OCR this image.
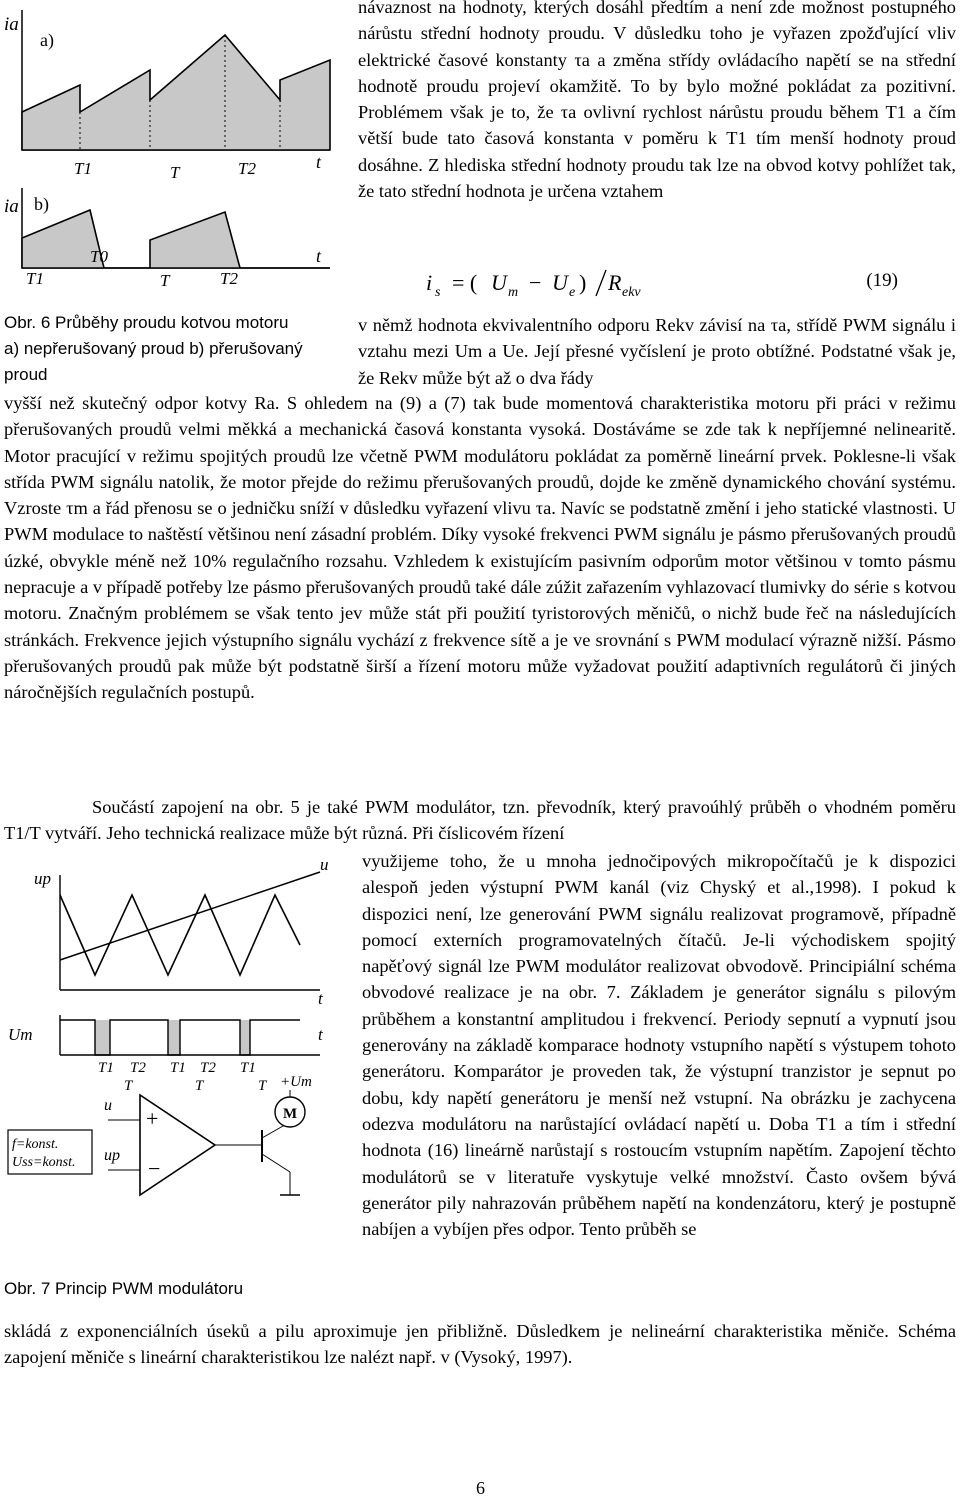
návaznost na hodnoty, kterých dosáhl předtím a není zde možnost postupného nárůstu střední hodnoty proudu. V důsledku toho je vyřazen zpožďující vliv elektrické časové konstanty τa a změna střídy ovládacího napětí se na střední hodnotě proudu projeví okamžitě. To by bylo možné pokládat za pozitivní. Problémem však je to, že τa ovlivní rychlost nárůstu proudu během T1 a čím větší bude tato časová konstanta v poměru k T1 tím menší hodnoty proud dosáhne. Z hlediska střední hodnoty proudu tak lze na obvod kotvy pohlížet tak, že tato střední hodnota je určena vztahem

i s = ( U m − U e ) R ekv
(19)

v němž hodnota ekvivalentního odporu Rekv závisí na τa, střídě PWM signálu i vztahu mezi Um a Ue. Její přesné vyčíslení je proto obtížné. Podstatné však je, že Rekv může být až o dva řády

ia
a)
t
T1	T	T2
ia b)
t
T0
T1	T	T2

Obr. 6 Průběhy proudu kotvou motoru a) nepřerušovaný proud b) přerušovaný proud

vyšší než skutečný odpor kotvy Ra. S ohledem na (9) a (7) tak bude momentová charakteristika motoru při práci v režimu přerušovaných proudů velmi měkká a mechanická časová konstanta vysoká. Dostáváme se zde tak k nepříjemné nelinearitě. Motor pracující v režimu spojitých proudů lze včetně PWM modulátoru pokládat za poměrně lineární prvek. Poklesne-li však střída PWM signálu natolik, že motor přejde do režimu přerušovaných proudů, dojde ke změně dynamického chování systému. Vzroste τm a řád přenosu se o jedničku sníží v důsledku vyřazení vlivu τa. Navíc se podstatně změní i jeho statické vlastnosti. U PWM modulace to naštěstí většinou není zásadní problém. Díky vysoké frekvenci PWM signálu je pásmo přerušovaných proudů úzké, obvykle méně než 10% regulačního rozsahu. Vzhledem k existujícím pasivním odporům motor většinou v tomto pásmu nepracuje a v případě potřeby lze pásmo přerušovaných proudů také dále zúžit zařazením vyhlazovací tlumivky do série s kotvou motoru. Značným problémem se však tento jev může stát při použití tyristorových měničů, o nichž bude řeč na následujících stránkách. Frekvence jejich výstupního signálu vychází z frekvence sítě a je ve srovnání s PWM modulací výrazně nižší. Pásmo přerušovaných proudů pak může být podstatně širší a řízení motoru může vyžadovat použití adaptivních regulátorů či jiných náročnějších regulačních postupů.

Součástí zapojení na obr. 5 je také PWM modulátor, tzn. převodník, který pravoúhlý průběh o vhodném poměru T1/T vytváří. Jeho technická realizace může být různá. Při číslicovém řízení

využijeme toho, že u mnoha jednočipových mikropočítačů je k dispozici alespoň jeden výstupní PWM kanál (viz Chyský et al.,1998). I pokud k dispozici není, lze generování PWM signálu realizovat programově, případně pomocí externích programovatelných čítačů. Je-li východiskem spojitý napěťový signál lze PWM modulátor realizovat obvodově. Principiální schéma obvodové realizace je na obr. 7. Základem je generátor signálu s pilovým průběhem a konstantní amplitudou i frekvencí. Periody sepnutí a vypnutí jsou generovány na základě komparace hodnoty vstupního napětí s výstupem tohoto generátoru. Komparátor je proveden tak, že výstupní tranzistor je sepnut po dobu, kdy napětí generátoru je menší než vstupní. Na obrázku je zachycena odezva modulátoru na narůstající ovládací napětí u. Doba T1 a tím i střední hodnota (16) lineárně narůstají s rostoucím vstupním napětím. Zapojení těchto modulátorů se v literatuře vyskytuje velké množství. Často ovšem bývá generátor pily nahrazován průběhem napětí na kondenzátoru, který je postupně nabíjen a vybíjen přes odpor. Tento průběh se

up
u
t
Um	t
T1 T2 T1 T2 T1
T	T	T
+
−
u
up
M
+Um
f=konst.
Uss=konst.

Obr. 7 Princip PWM modulátoru

skládá z exponenciálních úseků a pilu aproximuje jen přibližně. Důsledkem je nelineární charakteristika měniče. Schéma zapojení měniče s lineární charakteristikou lze nalézt např. v (Vysoký, 1997).

6
